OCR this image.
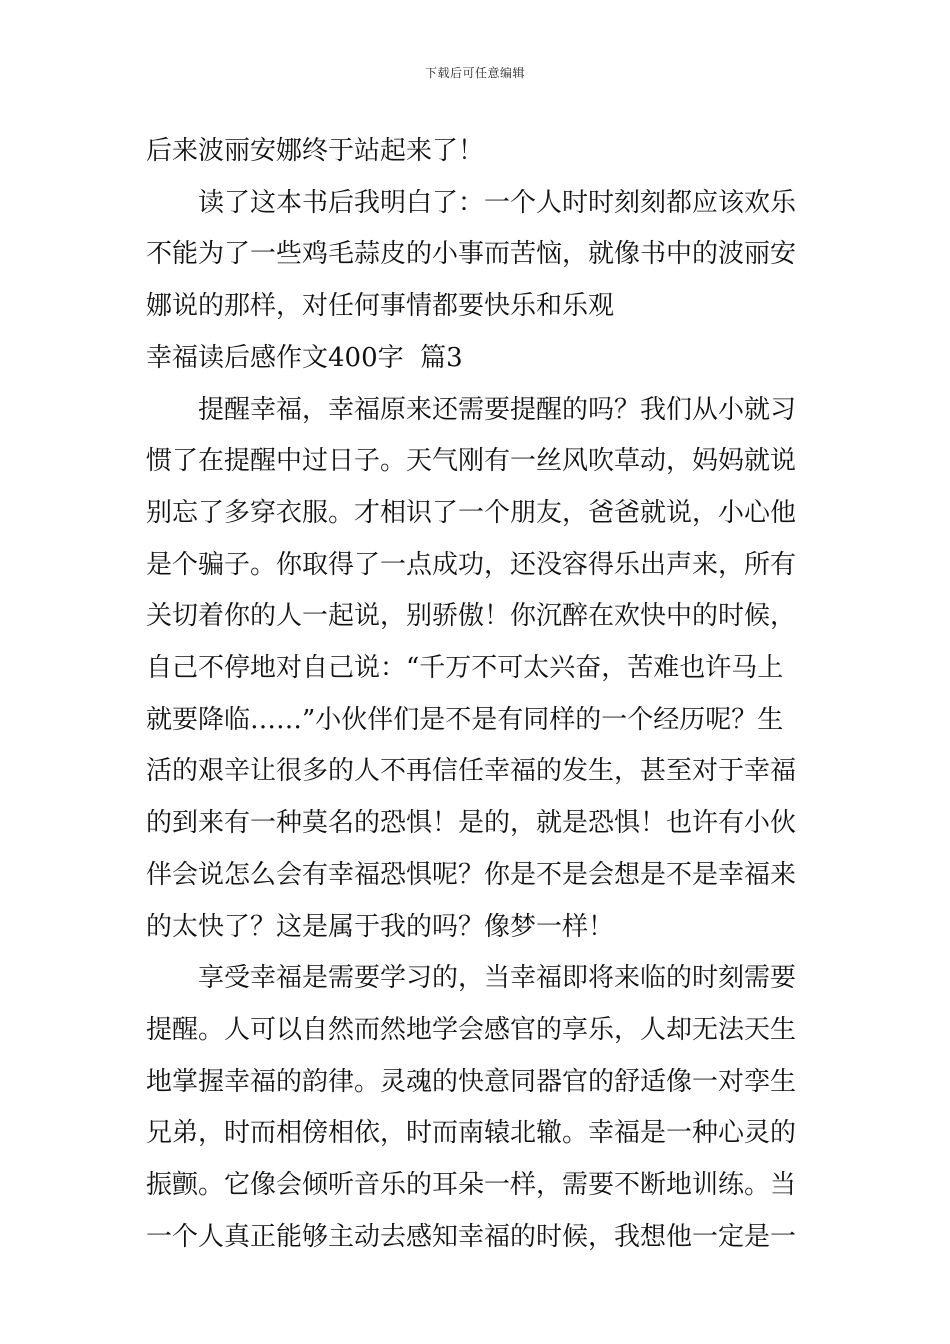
下载后可任意编辑

后来波丽安娜终于站起来了！

读了这本书后我明白了：一个人时时刻刻都应该欢乐
不能为了一些鸡毛蒜皮的小事而苦恼，就像书中的波丽安
娜说的那样，对任何事情都要快乐和乐观

幸福读后感作文400字  篇3

提醒幸福，幸福原来还需要提醒的吗？我们从小就习
惯了在提醒中过日子。天气刚有一丝风吹草动，妈妈就说
别忘了多穿衣服。才相识了一个朋友，爸爸就说，小心他
是个骗子。你取得了一点成功，还没容得乐出声来，所有
关切着你的人一起说，别骄傲！你沉醉在欢快中的时候，
自己不停地对自己说：“千万不可太兴奋，苦难也许马上
就要降临……”小伙伴们是不是有同样的一个经历呢？生
活的艰辛让很多的人不再信任幸福的发生，甚至对于幸福
的到来有一种莫名的恐惧！是的，就是恐惧！也许有小伙
伴会说怎么会有幸福恐惧呢？你是不是会想是不是幸福来
的太快了？这是属于我的吗？像梦一样！

享受幸福是需要学习的，当幸福即将来临的时刻需要
提醒。人可以自然而然地学会感官的享乐，人却无法天生
地掌握幸福的韵律。灵魂的快意同器官的舒适像一对孪生
兄弟，时而相傍相依，时而南辕北辙。幸福是一种心灵的
振颤。它像会倾听音乐的耳朵一样，需要不断地训练。当
一个人真正能够主动去感知幸福的时候，我想他一定是一
